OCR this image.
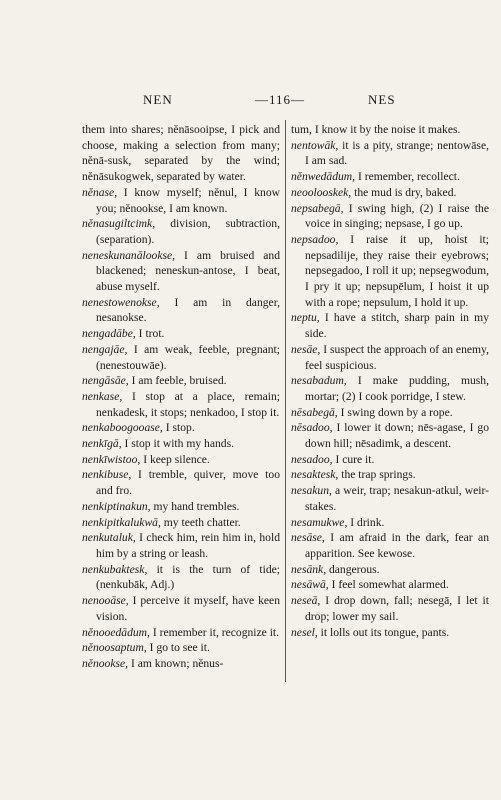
NEN	—116—	NES

them into shares; nĕnāsooipse, I pick and choose, making a selection from many; nĕnā-susk, separated by the wind; nĕnāsukogwek, separated by water.

nĕnase, I know myself; nĕnul, I know you; nĕnookse, I am known.

nĕnasugiltcimk, division, subtraction, (separation).

neneskunanālookse, I am bruised and blackened; neneskun-antose, I beat, abuse myself.

nenestowenokse, I am in danger, nesanokse.

nengadābe, I trot.

nengajāe, I am weak, feeble, pregnant; (nenestouwāe).

nengāsāe, I am feeble, bruised.

nenkase, I stop at a place, remain; nenkadesk, it stops; nenkadoo, I stop it.

nenkaboogooase, I stop.

nenkīgā, I stop it with my hands.

nenkīwistoo, I keep silence.

nenkibuse, I tremble, quiver, move too and fro.

nenkiptinakun, my hand trembles.

nenkipitkalukwā, my teeth chatter.

nenkutaluk, I check him, rein him in, hold him by a string or leash.

nenkubaktesk, it is the turn of tide; (nenkubāk, Adj.)

nenooāse, I perceive it myself, have keen vision.

nĕnooedādum, I remember it, recognize it.

nĕnoosaptum, I go to see it.

nĕnookse, I am known; nĕnus-

tum, I know it by the noise it makes.

nentowāk, it is a pity, strange; nentowāse, I am sad.

nĕnwedādum, I remember, recollect.

neoolooskek, the mud is dry, baked.

nepsabegā, I swing high, (2) I raise the voice in singing; nepsase, I go up.

nepsadoo, I raise it up, hoist it; nepsadilije, they raise their eyebrows; nepsegadoo, I roll it up; nepsegwodum, I pry it up; nepsupēlum, I hoist it up with a rope; nepsulum, I hold it up.

neptu, I have a stitch, sharp pain in my side.

nesāe, I suspect the approach of an enemy, feel suspicious.

nesabadum, I make pudding, mush, mortar; (2) I cook porridge, I stew.

nēsabegā, I swing down by a rope.

nēsadoo, I lower it down; nēs-agase, I go down hill; nēsadimk, a descent.

nesadoo, I cure it.

nesaktesk, the trap springs.

nesakun, a weir, trap; nesakun-atkul, weir-stakes.

nesamukwe, I drink.

nesāse, I am afraid in the dark, fear an apparition. See kewose.

nesānk, dangerous.

nesāwā, I feel somewhat alarmed.

neseā, I drop down, fall; nesegā, I let it drop; lower my sail.

nesel, it lolls out its tongue, pants.
